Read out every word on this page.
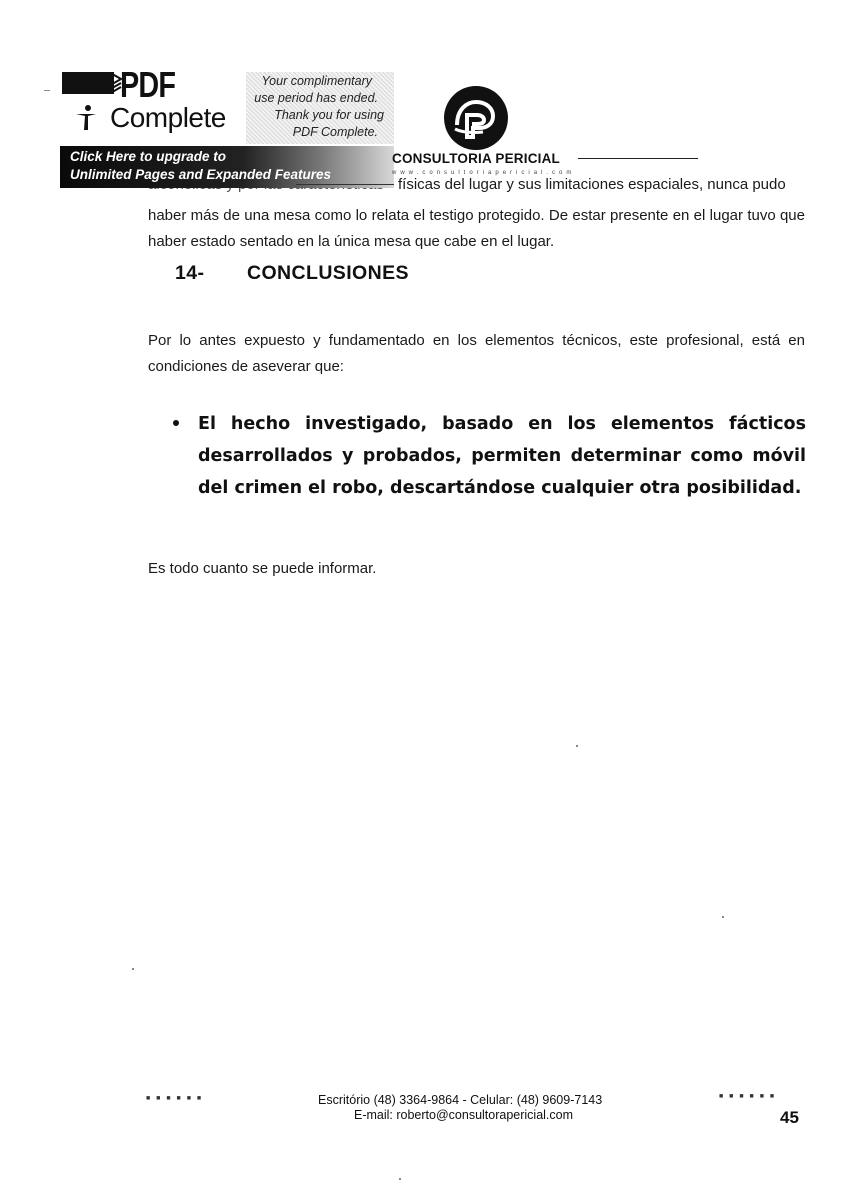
PDF
Complete
Your complimentary
use period has ended.
Thank you for using
PDF Complete.
Click Here to upgrade to
Unlimited Pages and Expanded Features
CONSULTORIA PERICIAL
www.consultoriapericial.com
físicas del lugar y sus limitaciones espaciales, nunca pudo
haber más de una mesa como lo relata el testigo protegido. De estar presente en el lugar tuvo que haber estado sentado en la única mesa que cabe en el lugar.
14- CONCLUSIONES
Por lo antes expuesto y fundamentado en los elementos técnicos, este profesional, está en condiciones de aseverar que:
El hecho investigado, basado en los elementos fácticos desarrollados y probados, permiten determinar como móvil del crimen el robo, descartándose cualquier otra posibilidad.
Es todo cuanto se puede informar.
■ ■ ■ ■ ■ ■	Escritório (48) 3364-9864 - Celular: (48) 9609-7143
E-mail: roberto@consultorapericial.com
■ ■ ■ ■ ■ ■
45
